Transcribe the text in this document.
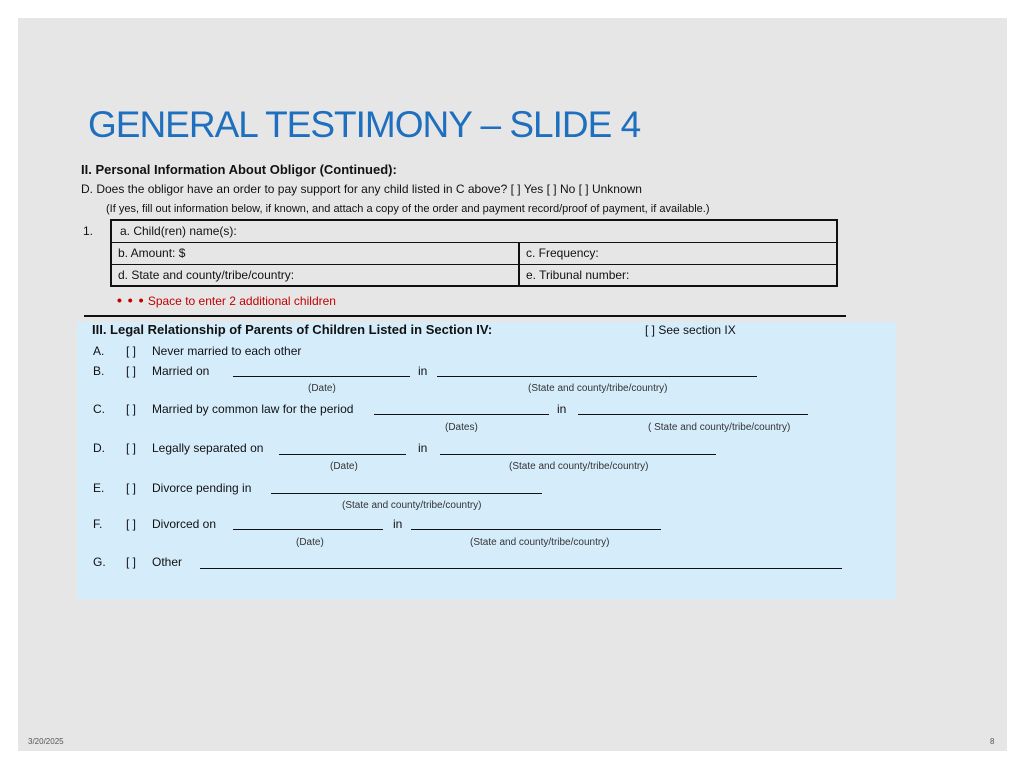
GENERAL TESTIMONY – SLIDE 4
II. Personal Information About Obligor (Continued):
D. Does the obligor have an order to pay support for any child listed in C above? [ ] Yes [ ] No [ ] Unknown
(If yes, fill out information below, if known, and attach a copy of the order and payment record/proof of payment, if available.)
1. a. Child(ren) name(s):
b. Amount: $	c. Frequency:
d. State and county/tribe/country:	e. Tribunal number:
• • • Space to enter 2 additional children
III. Legal Relationship of Parents of Children Listed in Section IV:	[ ] See section IX
A. [ ] Never married to each other
B. [ ] Married on	in
(Date)	(State and county/tribe/country)
C. [ ] Married by common law for the period	in
(Dates)	( State and county/tribe/country)
D. [ ] Legally separated on	in
(Date)	(State and county/tribe/country)
E. [ ] Divorce pending in
(State and county/tribe/country)
F. [ ] Divorced on	in
(Date)	(State and county/tribe/country)
G. [ ] Other
3/20/2025	8
